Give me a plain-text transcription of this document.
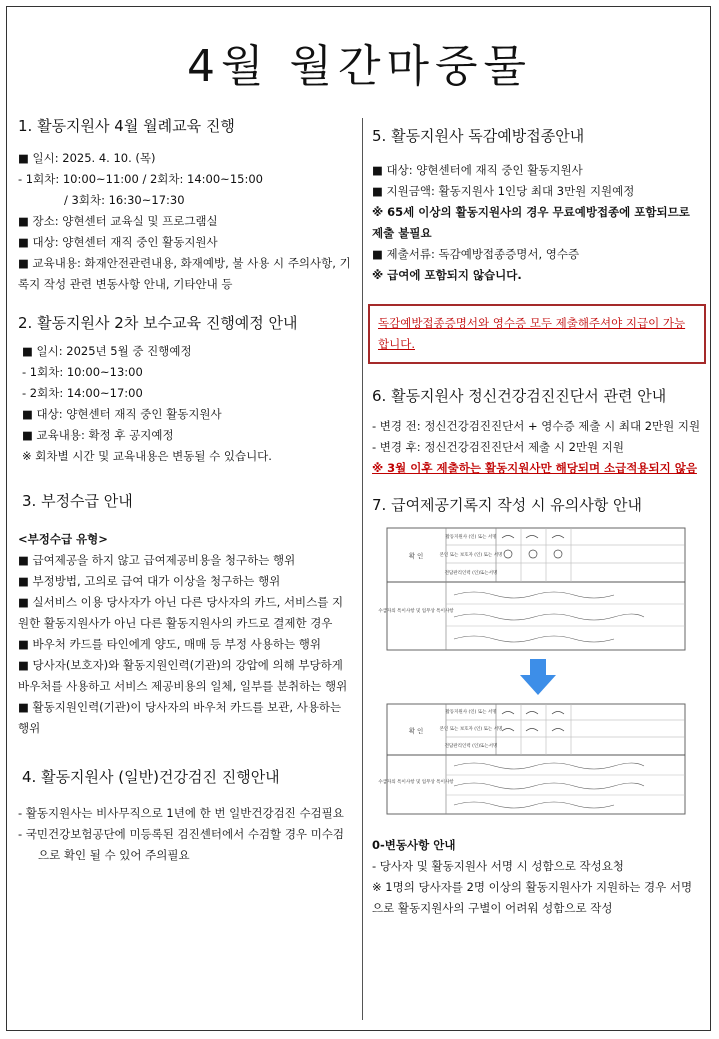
4월 월간마중물
1. 활동지원사 4월 월례교육 진행

■ 일시: 2025. 4. 10. (목)

- 1회차: 10:00~11:00 / 2회차: 14:00~15:00

/ 3회차: 16:30~17:30

■ 장소: 양현센터 교육실 및 프로그램실

■ 대상: 양현센터 재직 중인 활동지원사

■ 교육내용: 화재안전관련내용, 화재예방, 불 사용 시 주의사항, 기록지 작성 관련 변동사항 안내, 기타안내 등

2. 활동지원사 2차 보수교육 진행예정 안내

■ 일시: 2025년 5월 중 진행예정

- 1회차: 10:00~13:00

- 2회차: 14:00~17:00

■ 대상: 양현센터 재직 중인 활동지원사

■ 교육내용: 확정 후 공지예정

※ 회차별 시간 및 교육내용은 변동될 수 있습니다.

3. 부정수급 안내

<부정수급 유형>

■ 급여제공을 하지 않고 급여제공비용을 청구하는 행위

■ 부정방법, 고의로 급여 대가 이상을 청구하는 행위

■ 실서비스 이용 당사자가 아닌 다른 당사자의 카드, 서비스를 지원한 활동지원사가 아닌 다른 활동지원사의 카드로 결제한 경우

■ 바우처 카드를 타인에게 양도, 매매 등 부정 사용하는 행위

■ 당사자(보호자)와 활동지원인력(기관)의 강압에 의해 부당하게 바우처를 사용하고 서비스 제공비용의 일체, 일부를 분취하는 행위

■ 활동지원인력(기관)이 당사자의 바우처 카드를 보관, 사용하는 행위

4. 활동지원사 (일반)건강검진 진행안내

- 활동지원사는 비사무직으로 1년에 한 번 일반건강검진 수검필요

- 국민건강보험공단에 미등록된 검진센터에서 수검할 경우 미수검으로 확인 될 수 있어 주의필요

5. 활동지원사 독감예방접종안내

■ 대상: 양현센터에 재직 중인 활동지원사

■ 지원금액: 활동지원사 1인당 최대 3만원 지원예정

※ 65세 이상의 활동지원사의 경우 무료예방접종에 포함되므로 제출 불필요

■ 제출서류: 독감예방접종증명서, 영수증

※ 급여에 포함되지 않습니다.

독감예방접종증명서와 영수증 모두 제출해주셔야 지급이 가능합니다.
6. 활동지원사 정신건강검진진단서 관련 안내

- 변경 전: 정신건강검진진단서 + 영수증 제출 시 최대 2만원 지원

- 변경 후: 정신건강검진진단서 제출 시 2만원 지원

※ 3월 이후 제출하는 활동지원사만 해당되며 소급적용되지 않음

7. 급여제공기록지 작성 시 유의사항 안내
확 인
활동지원사 (인) 또는 서명
본인 또는 보호자 (인) 또는 서명
전담관리인력 (인)또는서명
수급자의 특이사항 및 업무상 특이사항
확 인
활동지원사 (인) 또는 서명
본인 또는 보호자 (인) 또는 서명
전담관리인력 (인)또는서명
수급자의 특이사항 및 업무상 특이사항

0-변동사항 안내

- 당사자 및 활동지원사 서명 시 성함으로 작성요청

※ 1명의 당사자를 2명 이상의 활동지원사가 지원하는 경우 서명으로 활동지원사의 구별이 어려워 성함으로 작성
